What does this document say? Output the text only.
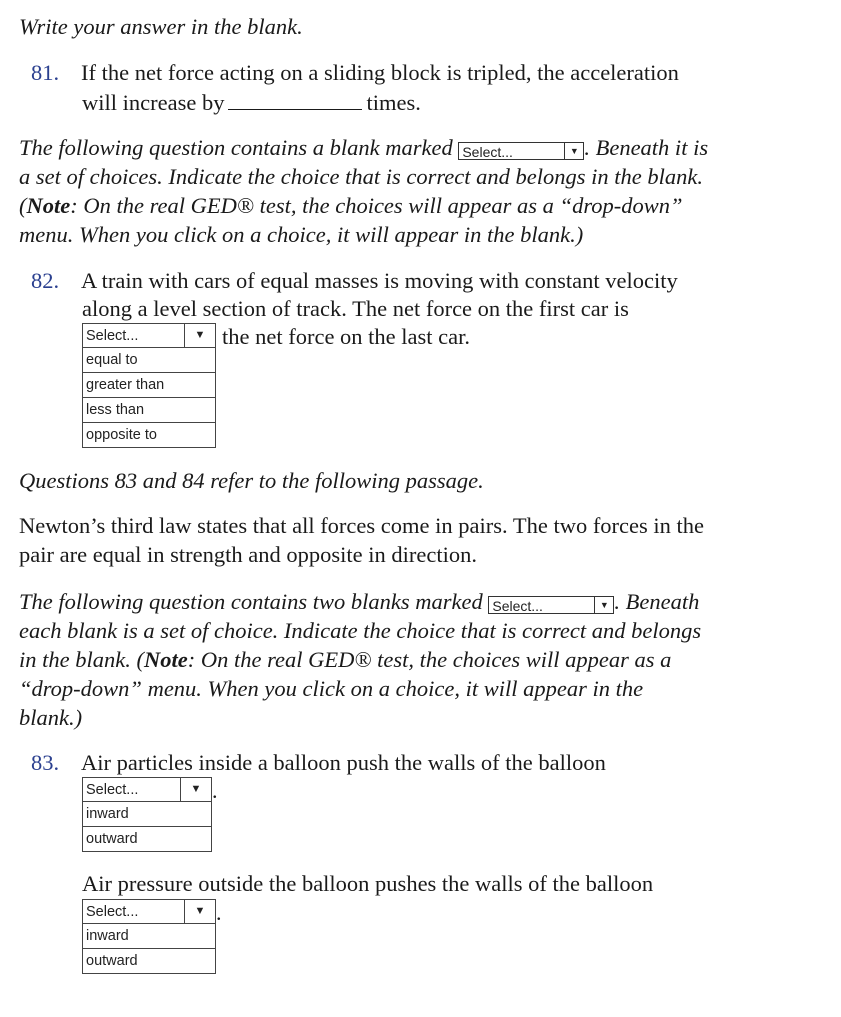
Write your answer in the blank.
81. If the net force acting on a sliding block is tripled, the acceleration
will increase by	times.
The following question contains a blank marked Select...	▼ . Beneath it is
a set of choices. Indicate the choice that is correct and belongs in the blank.
(Note: On the real GED® test, the choices will appear as a “drop-down”
menu. When you click on a choice, it will appear in the blank.)
82. A train with cars of equal masses is moving with constant velocity
along a level section of track. The net force on the first car is
the net force on the last car.
Select...	▼
equal to
greater than
less than
opposite to
Questions 83 and 84 refer to the following passage.
Newton’s third law states that all forces come in pairs. The two forces in the
pair are equal in strength and opposite in direction.
The following question contains two blanks marked Select...	▼ . Beneath
each blank is a set of choice. Indicate the choice that is correct and belongs
in the blank. (Note: On the real GED® test, the choices will appear as a
“drop-down” menu. When you click on a choice, it will appear in the
blank.)
83. Air particles inside a balloon push the walls of the balloon
Select...	▼
inward
outward
.
Air pressure outside the balloon pushes the walls of the balloon
Select...	▼
inward
outward
.
